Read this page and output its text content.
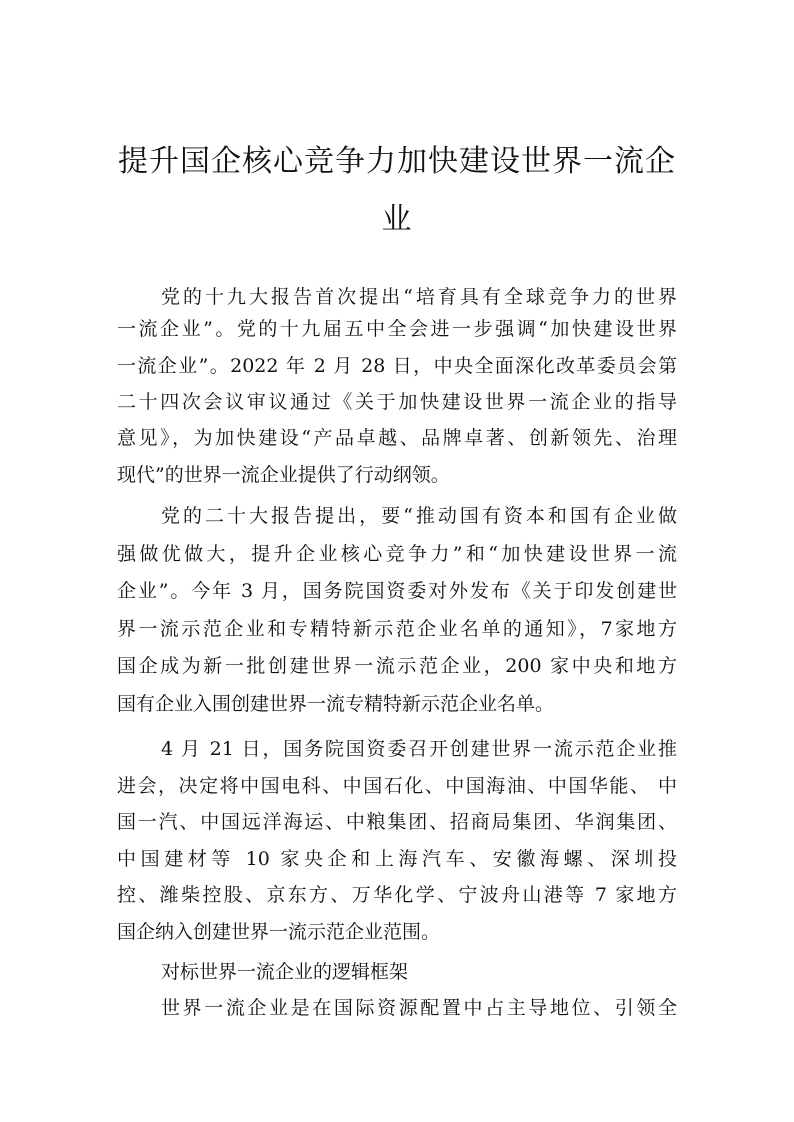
提升国企核心竞争力加快建设世界一流企
业
党的十九大报告首次提出“培育具有全球竞争力的世界
一流企业”。党的十九届五中全会进一步强调“加快建设世界
一流企业”。2022 年 2 月 28 日，中央全面深化改革委员会第
二十四次会议审议通过《关于加快建设世界一流企业的指导
意见》，为加快建设“产品卓越、品牌卓著、创新领先、治理
现代”的世界一流企业提供了行动纲领。
党的二十大报告提出，要“推动国有资本和国有企业做
强做优做大，提升企业核心竞争力”和“加快建设世界一流
企业”。今年 3 月，国务院国资委对外发布《关于印发创建世
界一流示范企业和专精特新示范企业名单的通知》，7家地方
国企成为新一批创建世界一流示范企业，200 家中央和地方
国有企业入围创建世界一流专精特新示范企业名单。
4 月 21 日，国务院国资委召开创建世界一流示范企业推
进会，决定将中国电科、中国石化、中国海油、中国华能、 中
国一汽、中国远洋海运、中粮集团、招商局集团、华润集团、
中国建材等 10 家央企和上海汽车、安徽海螺、深圳投
控、潍柴控股、京东方、万华化学、宁波舟山港等 7 家地方
国企纳入创建世界一流示范企业范围。
对标世界一流企业的逻辑框架
世界一流企业是在国际资源配置中占主导地位、引领全
